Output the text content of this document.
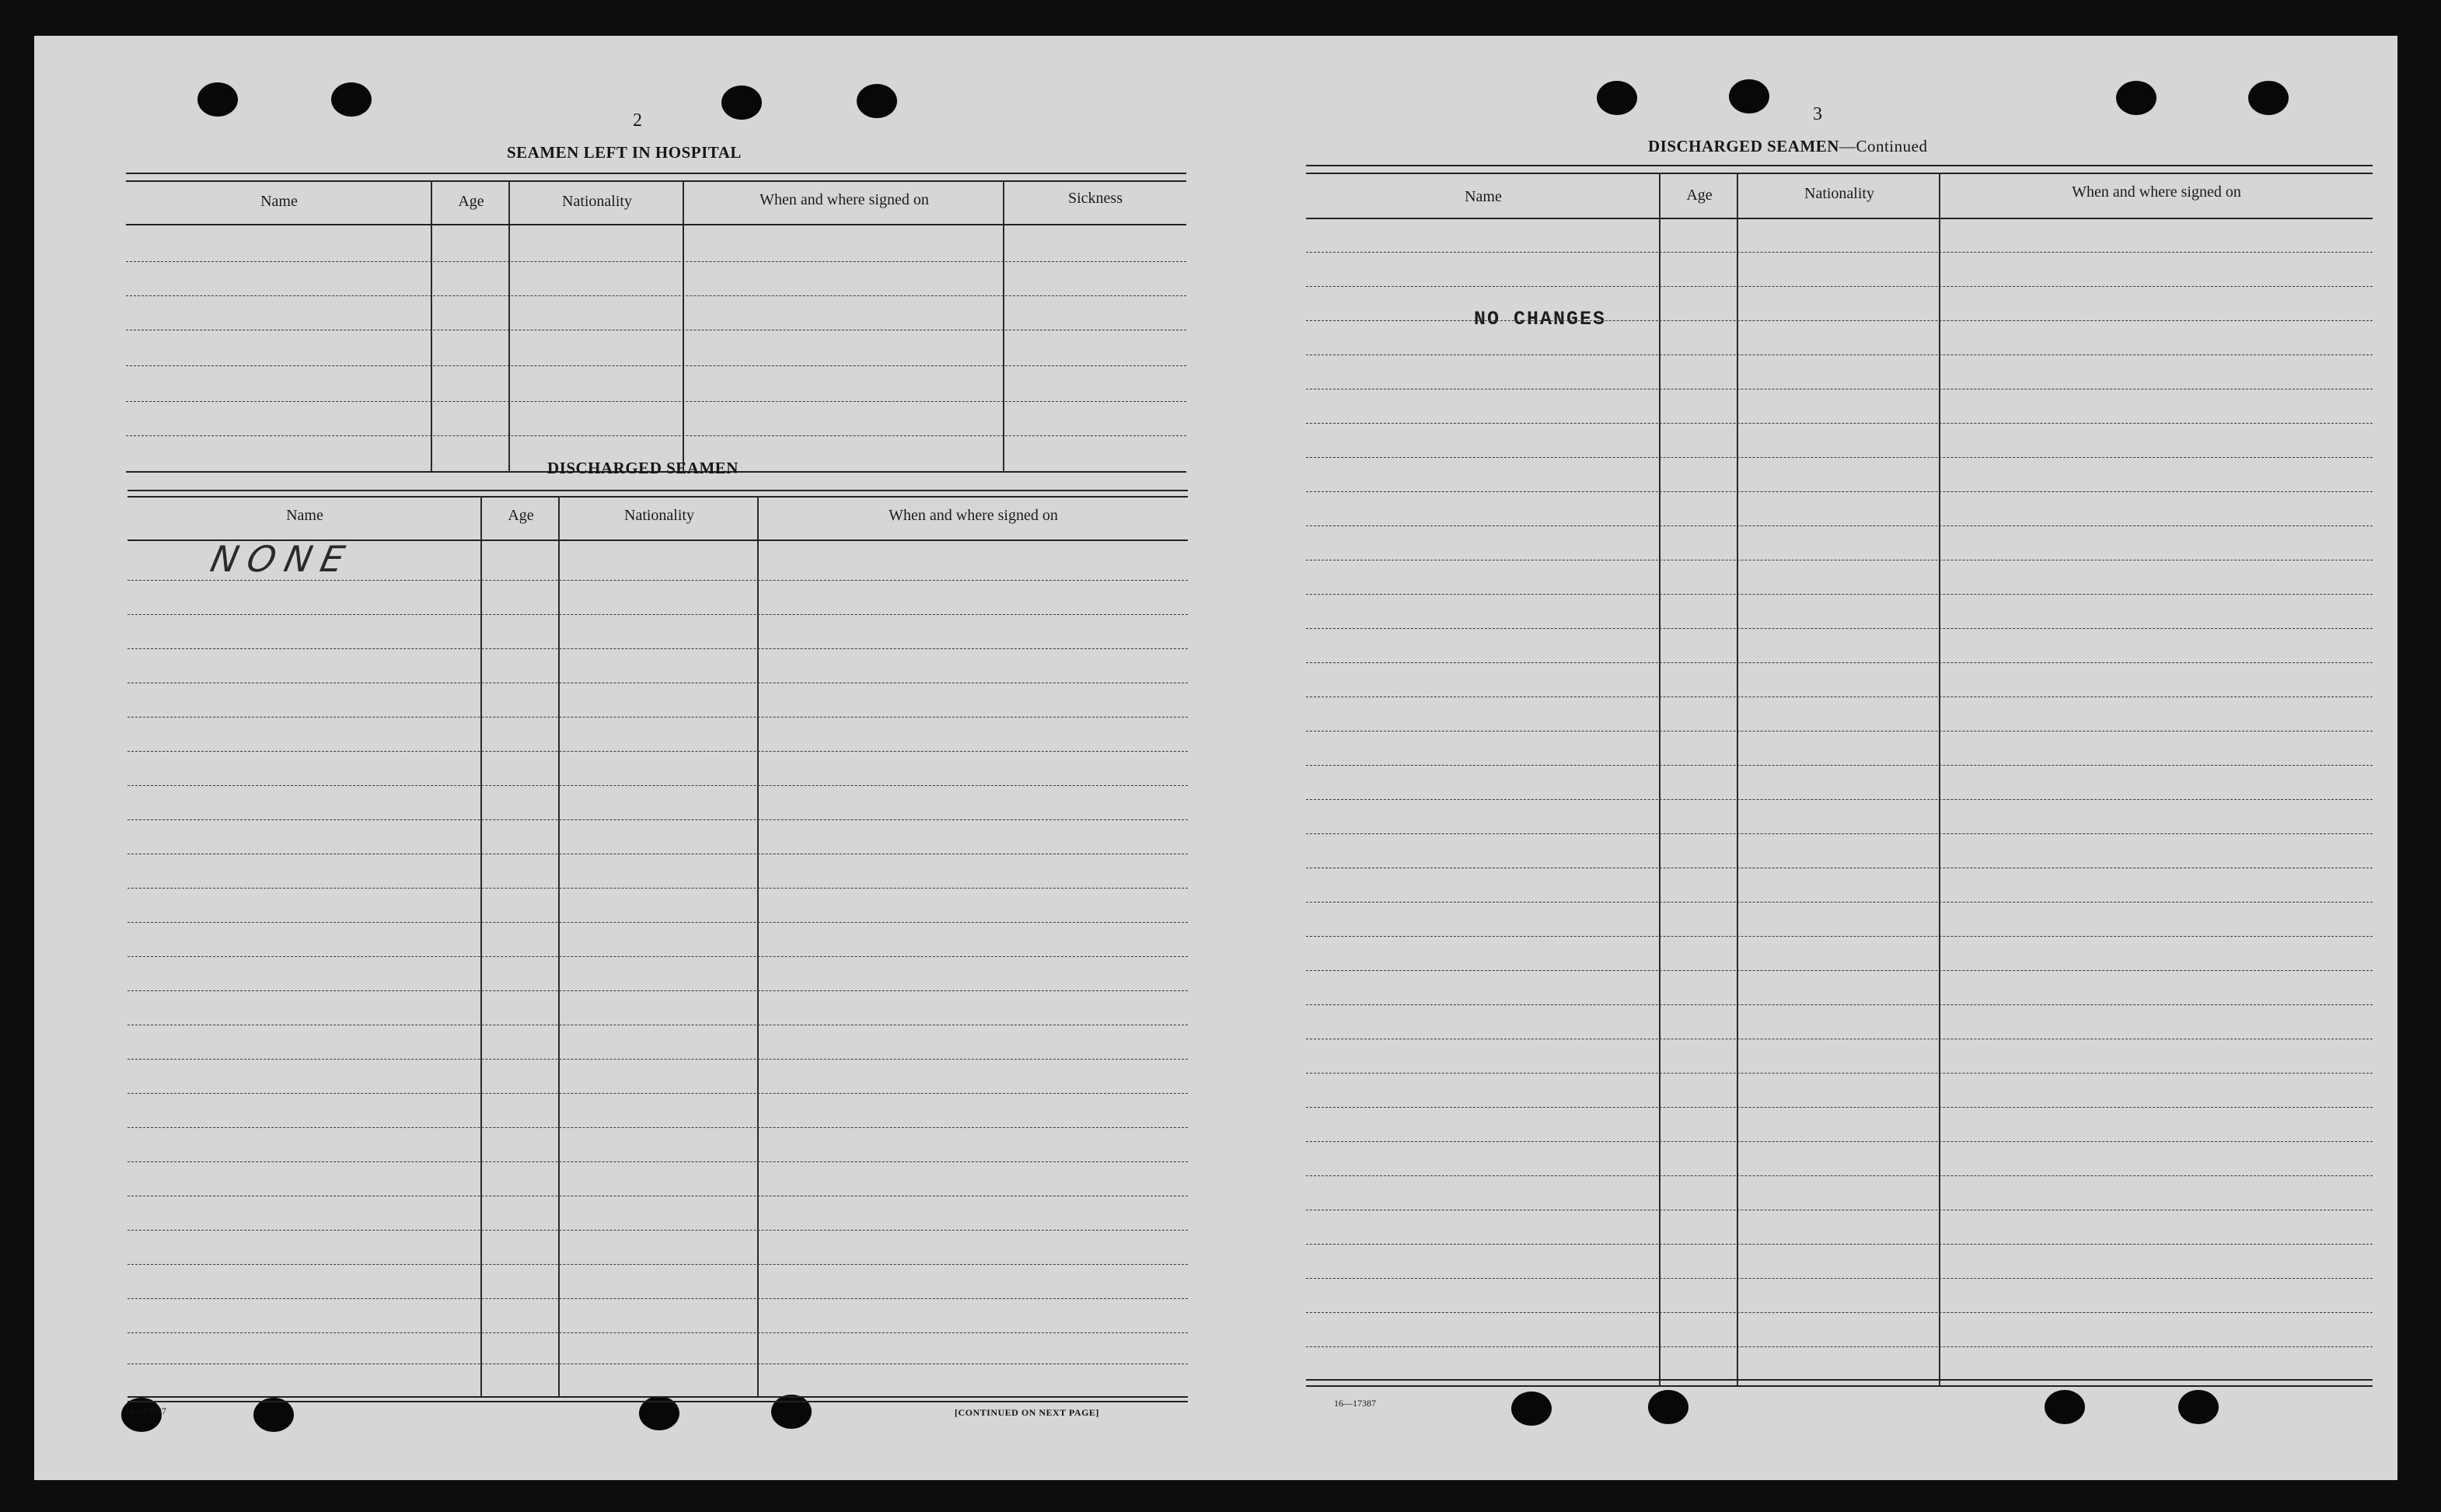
2
SEAMEN LEFT IN HOSPITAL
Name	Age	Nationality	When and where signed on	Sickness
DISCHARGED SEAMEN
Name	Age	Nationality	When and where signed on
NONE
16—17387	[CONTINUED ON NEXT PAGE]
3
DISCHARGED SEAMEN—Continued
Name	Age	Nationality	When and where signed on
NO CHANGES
16—17387
